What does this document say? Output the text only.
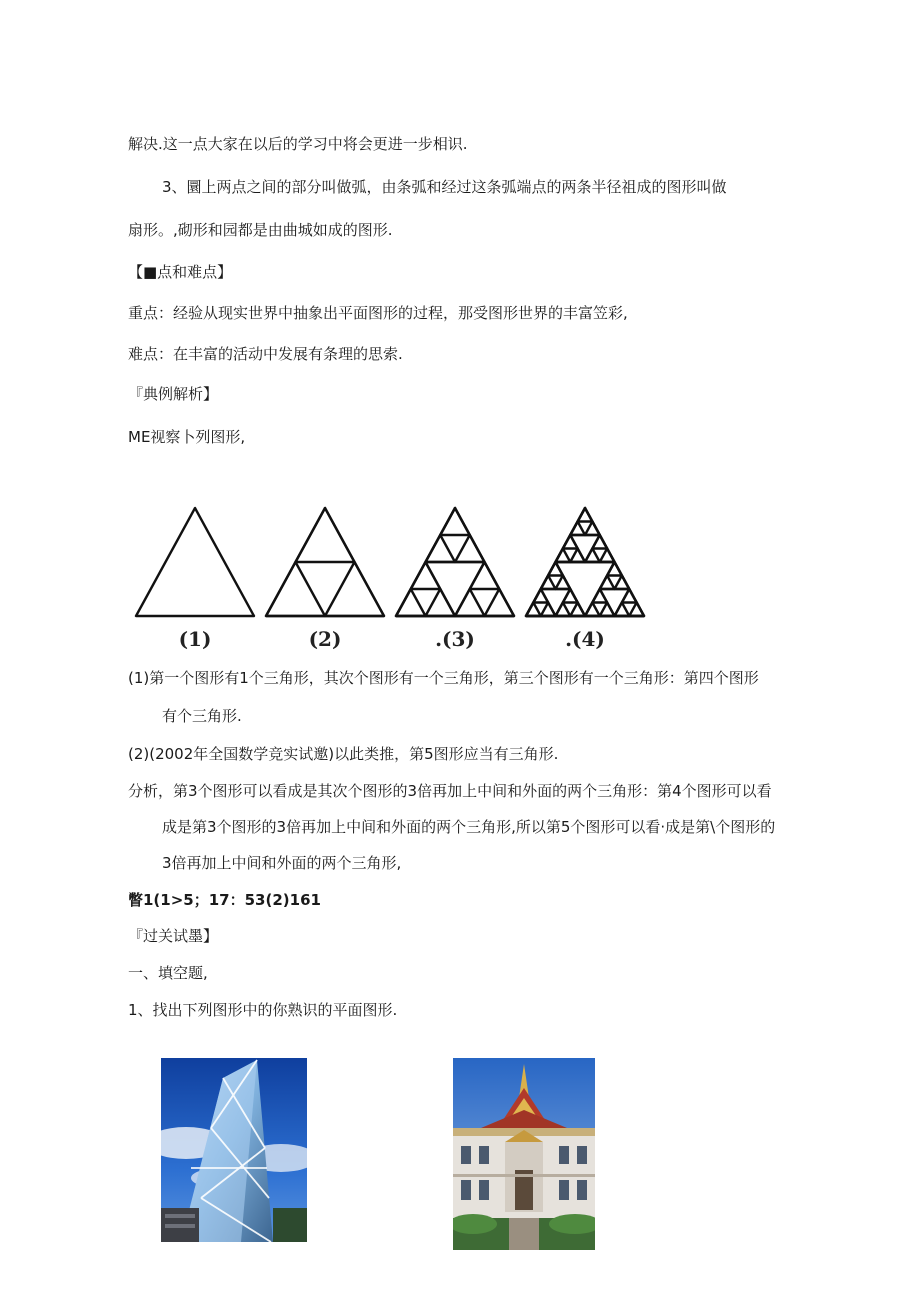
解决.这一点大家在以后的学习中将会更进一步相识.
3、圜上两点之间的部分叫做弧，由条弧和经过这条弧端点的两条半径祖成的图形叫做
扇形。,砌形和园都是由曲城如成的图形.
【■点和难点】
重点：经验从现实世界中抽象出平面图形的过程，那受图形世界的丰富笠彩,
难点：在丰富的活动中发展有条理的思索.
『典例解析】
ME视察卜列图形,
(1)	(2)	.(3)	.(4)
(1)第一个图形有1个三角形，其次个图形有一个三角形，第三个图形有一个三角形：第四个图形
有个三角形.
(2)(2002年全国数学竞实试邀)以此类推，第5图形应当有三角形.
分析，第3个图形可以看成是其次个图形的3倍再加上中间和外面的两个三角形：第4个图形可以看
成是第3个图形的3倍再加上中间和外面的两个三角形,所以第5个图形可以看·成是第\个图形的
3倍再加上中间和外面的两个三角形,
瞥1(1>5；17：53(2)161
『过关试墨】
一、填空题,
1、找出下列图形中的你熟识的平面图形.
